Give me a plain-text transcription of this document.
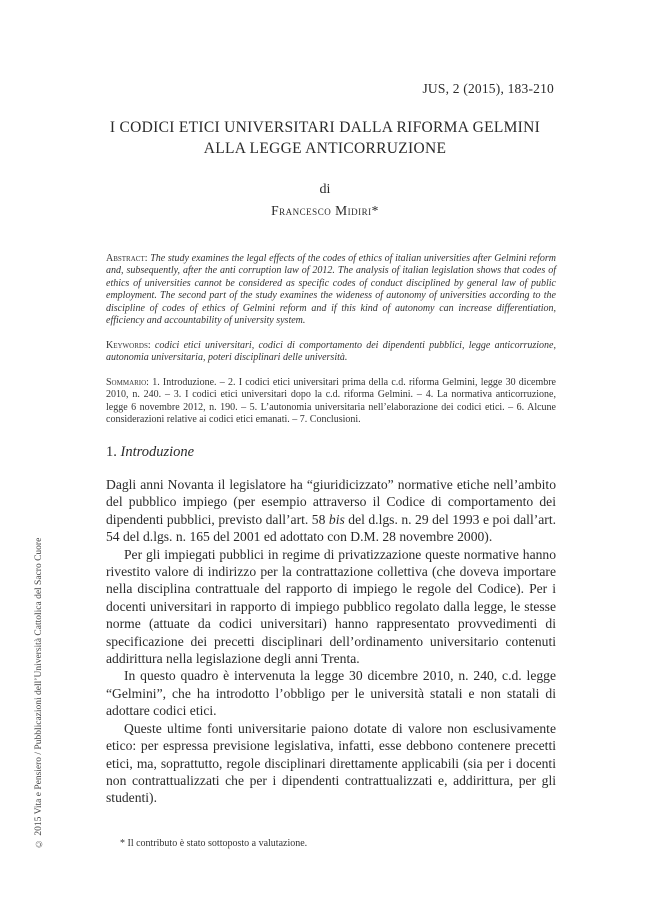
JUS, 2 (2015), 183-210
I CODICI ETICI UNIVERSITARI DALLA RIFORMA GELMINI
ALLA LEGGE ANTICORRUZIONE
di
Francesco Midiri*
Abstract: The study examines the legal effects of the codes of ethics of italian universities after Gelmini reform and, subsequently, after the anti corruption law of 2012. The analysis of italian legislation shows that codes of ethics of universities cannot be considered as specific codes of conduct disciplined by general law of public employment. The second part of the study examines the wideness of autonomy of universities according to the discipline of codes of ethics of Gelmini reform and if this kind of autonomy can increase differentiation, efficiency and accountability of university system.
Keywords: codici etici universitari, codici di comportamento dei dipendenti pubblici, legge anticorruzione, autonomia universitaria, poteri disciplinari delle università.
Sommario: 1. Introduzione. – 2. I codici etici universitari prima della c.d. riforma Gelmini, legge 30 dicembre 2010, n. 240. – 3. I codici etici universitari dopo la c.d. riforma Gelmini. – 4. La normativa anticorruzione, legge 6 novembre 2012, n. 190. – 5. L’autonomia universitaria nell’elaborazione dei codici etici. – 6. Alcune considerazioni relative ai codici etici emanati. – 7. Conclusioni.
1. Introduzione

Dagli anni Novanta il legislatore ha “giuridicizzato” normative etiche nell’ambito del pubblico impiego (per esempio attraverso il Codice di comportamento dei dipendenti pubblici, previsto dall’art. 58 bis del d.lgs. n. 29 del 1993 e poi dall’art. 54 del d.lgs. n. 165 del 2001 ed adottato con D.M. 28 novembre 2000).

Per gli impiegati pubblici in regime di privatizzazione queste normative hanno rivestito valore di indirizzo per la contrattazione collettiva (che doveva importare nella disciplina contrattuale del rapporto di impiego le regole del Codice). Per i docenti universitari in rapporto di impiego pubblico regolato dalla legge, le stesse norme (attuate da codici universitari) hanno rappresentato provvedimenti di specificazione dei precetti disciplinari dell’ordinamento universitario contenuti addirittura nella legislazione degli anni Trenta.

In questo quadro è intervenuta la legge 30 dicembre 2010, n. 240, c.d. legge “Gelmini”, che ha introdotto l’obbligo per le università statali e non statali di adottare codici etici.

Queste ultime fonti universitarie paiono dotate di valore non esclusivamente etico: per espressa previsione legislativa, infatti, esse debbono contenere precetti etici, ma, soprattutto, regole disciplinari direttamente applicabili (sia per i docenti non contrattualizzati che per i dipendenti contrattualizzati e, addirittura, per gli studenti).

* Il contributo è stato sottoposto a valutazione.
© 2015 Vita e Pensiero / Pubblicazioni dell’Università Cattolica del Sacro Cuore
